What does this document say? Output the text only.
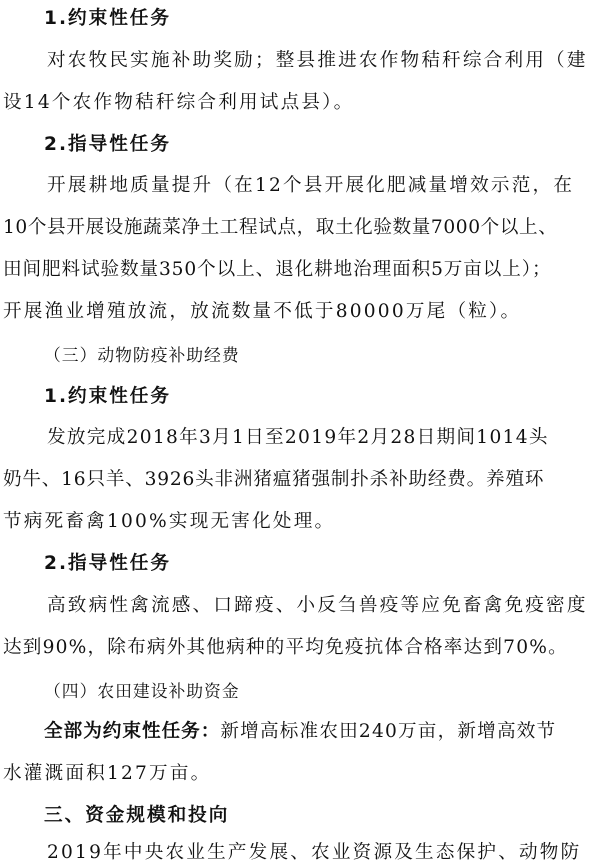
1.约束性任务
对农牧民实施补助奖励；整县推进农作物秸秆综合利用（建
设14个农作物秸秆综合利用试点县）。
2.指导性任务
开展耕地质量提升（在12个县开展化肥减量增效示范，在
10个县开展设施蔬菜净土工程试点，取土化验数量7000个以上、
田间肥料试验数量350个以上、退化耕地治理面积5万亩以上）；
开展渔业增殖放流，放流数量不低于80000万尾（粒）。
（三）动物防疫补助经费
1.约束性任务
发放完成2018年3月1日至2019年2月28日期间1014头
奶牛、16只羊、3926头非洲猪瘟猪强制扑杀补助经费。养殖环
节病死畜禽100%实现无害化处理。
2.指导性任务
高致病性禽流感、口蹄疫、小反刍兽疫等应免畜禽免疫密度
达到90%，除布病外其他病种的平均免疫抗体合格率达到70%。
（四）农田建设补助资金
全部为约束性任务：新增高标准农田240万亩，新增高效节
水灌溉面积127万亩。
三、资金规模和投向
2019年中央农业生产发展、农业资源及生态保护、动物防
